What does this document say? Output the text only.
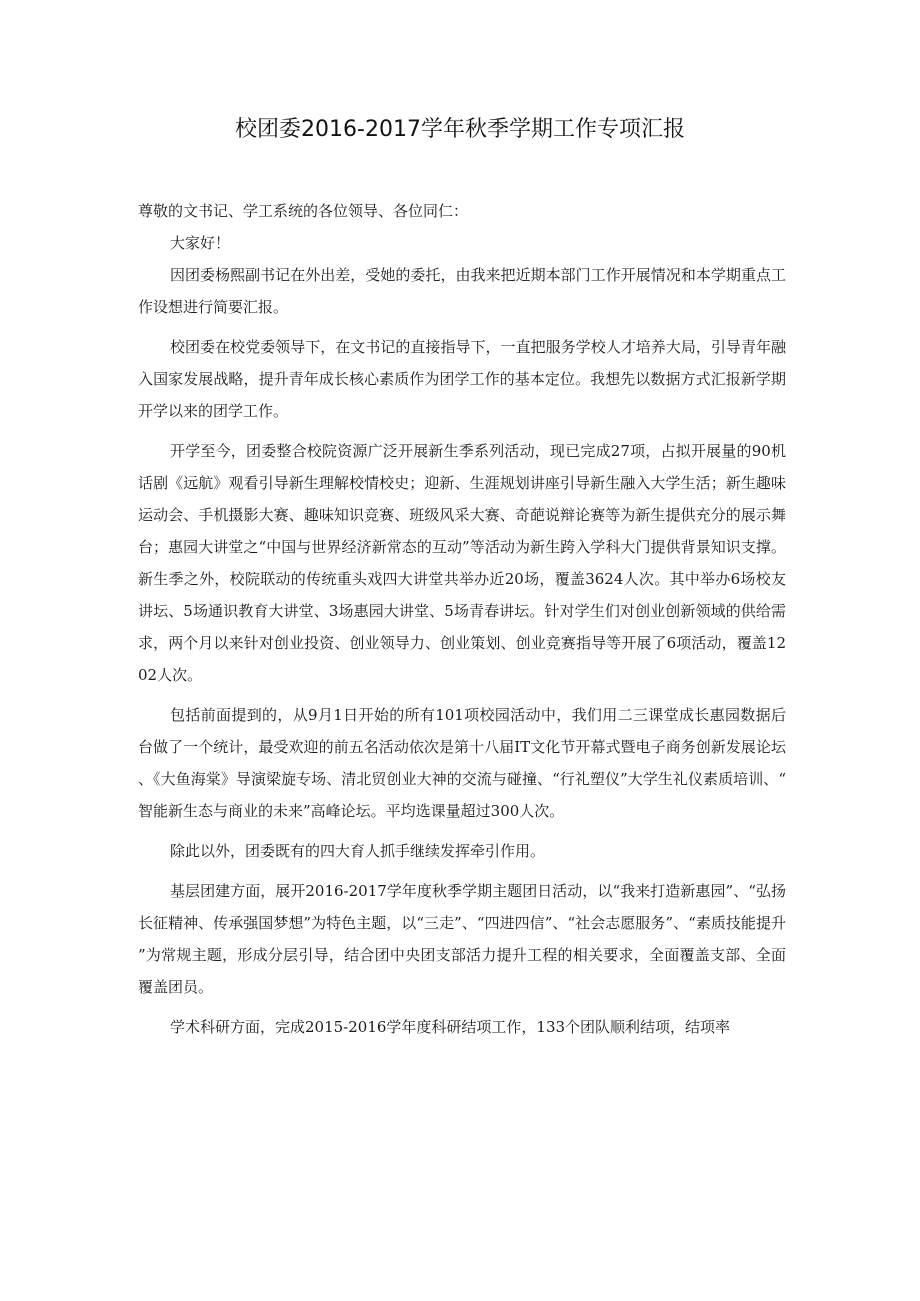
校团委2016-2017学年秋季学期工作专项汇报

尊敬的文书记、学工系统的各位领导、各位同仁：

大家好！

因团委杨熙副书记在外出差，受她的委托，由我来把近期本部门工作开展情况和本学期重点工作设想进行简要汇报。

校团委在校党委领导下，在文书记的直接指导下，一直把服务学校人才培养大局，引导青年融入国家发展战略，提升青年成长核心素质作为团学工作的基本定位。我想先以数据方式汇报新学期开学以来的团学工作。

开学至今，团委整合校院资源广泛开展新生季系列活动，现已完成27项，占拟开展量的90机话剧《远航》观看引导新生理解校情校史；迎新、生涯规划讲座引导新生融入大学生活；新生趣味运动会、手机摄影大赛、趣味知识竞赛、班级风采大赛、奇葩说辩论赛等为新生提供充分的展示舞台；惠园大讲堂之“中国与世界经济新常态的互动”等活动为新生跨入学科大门提供背景知识支撑。新生季之外，校院联动的传统重头戏四大讲堂共举办近20场，覆盖3624人次。其中举办6场校友讲坛、5场通识教育大讲堂、3场惠园大讲堂、5场青春讲坛。针对学生们对创业创新领域的供给需求，两个月以来针对创业投资、创业领导力、创业策划、创业竞赛指导等开展了6项活动，覆盖1202人次。

包括前面提到的，从9月1日开始的所有101项校园活动中，我们用二三课堂成长惠园数据后台做了一个统计，最受欢迎的前五名活动依次是第十八届IT文化节开幕式暨电子商务创新发展论坛、《大鱼海棠》导演梁旋专场、清北贸创业大神的交流与碰撞、“行礼塑仪”大学生礼仪素质培训、“智能新生态与商业的未来”高峰论坛。平均选课量超过300人次。

除此以外，团委既有的四大育人抓手继续发挥牵引作用。

基层团建方面，展开2016-2017学年度秋季学期主题团日活动，以“我来打造新惠园”、“弘扬长征精神、传承强国梦想”为特色主题，以“三走”、“四进四信”、“社会志愿服务”、“素质技能提升”为常规主题，形成分层引导，结合团中央团支部活力提升工程的相关要求，全面覆盖支部、全面覆盖团员。

学术科研方面，完成2015-2016学年度科研结项工作，133个团队顺利结项，结项率
